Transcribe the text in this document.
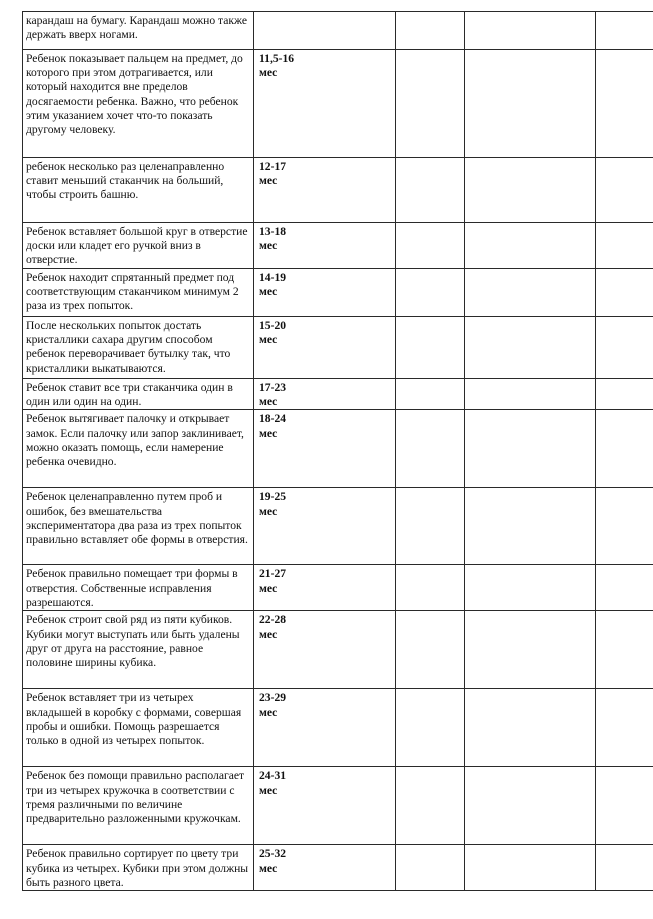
карандаш на бумагу. Карандаш можно также держать вверх ногами.	

Ребенок показывает пальцем на предмет, до которого при этом дотрагивается, или который находится вне пределов досягаемости ребенка. Важно, что ребенок этим указанием хочет что-то показать другому человеку.	11,5-16 мес			

ребенок несколько раз целенаправленно ставит меньший стаканчик на больший, чтобы строить башню.	12-17 мес			

Ребенок вставляет большой круг в отверстие доски или кладет его ручкой вниз в отверстие.	13-18 мес			

Ребенок находит спрятанный предмет под соответствующим стаканчиком минимум 2 раза из трех попыток.	14-19 мес			

После нескольких попыток достать кристаллики сахара другим способом ребенок переворачивает бутылку так, что кристаллики выкатываются.	15-20 мес			

Ребенок ставит все три стаканчика один в один или один на один.	17-23 мес			

Ребенок вытягивает палочку и открывает замок. Если палочку или запор заклинивает, можно оказать помощь, если намерение ребенка очевидно.	18-24 мес			

Ребенок целенаправленно путем проб и ошибок, без вмешательства экспериментатора два раза из трех попыток правильно вставляет обе формы в отверстия.	19-25 мес			

Ребенок правильно помещает три формы в отверстия. Собственные исправления разрешаются.	21-27 мес			

Ребенок строит свой ряд из пяти кубиков. Кубики могут выступать или быть удалены друг от друга на расстояние, равное половине ширины кубика.	22-28 мес			

Ребенок вставляет три из четырех вкладышей в коробку с формами, совершая пробы и ошибки. Помощь разрешается только в одной из четырех попыток.	23-29 мес			

Ребенок без помощи правильно располагает три из четырех кружочка в соответствии с тремя различными по величине предварительно разложенными кружочкам.	24-31 мес			

Ребенок правильно сортирует по цвету три кубика из четырех. Кубики при этом должны быть разного цвета.	25-32 мес			
